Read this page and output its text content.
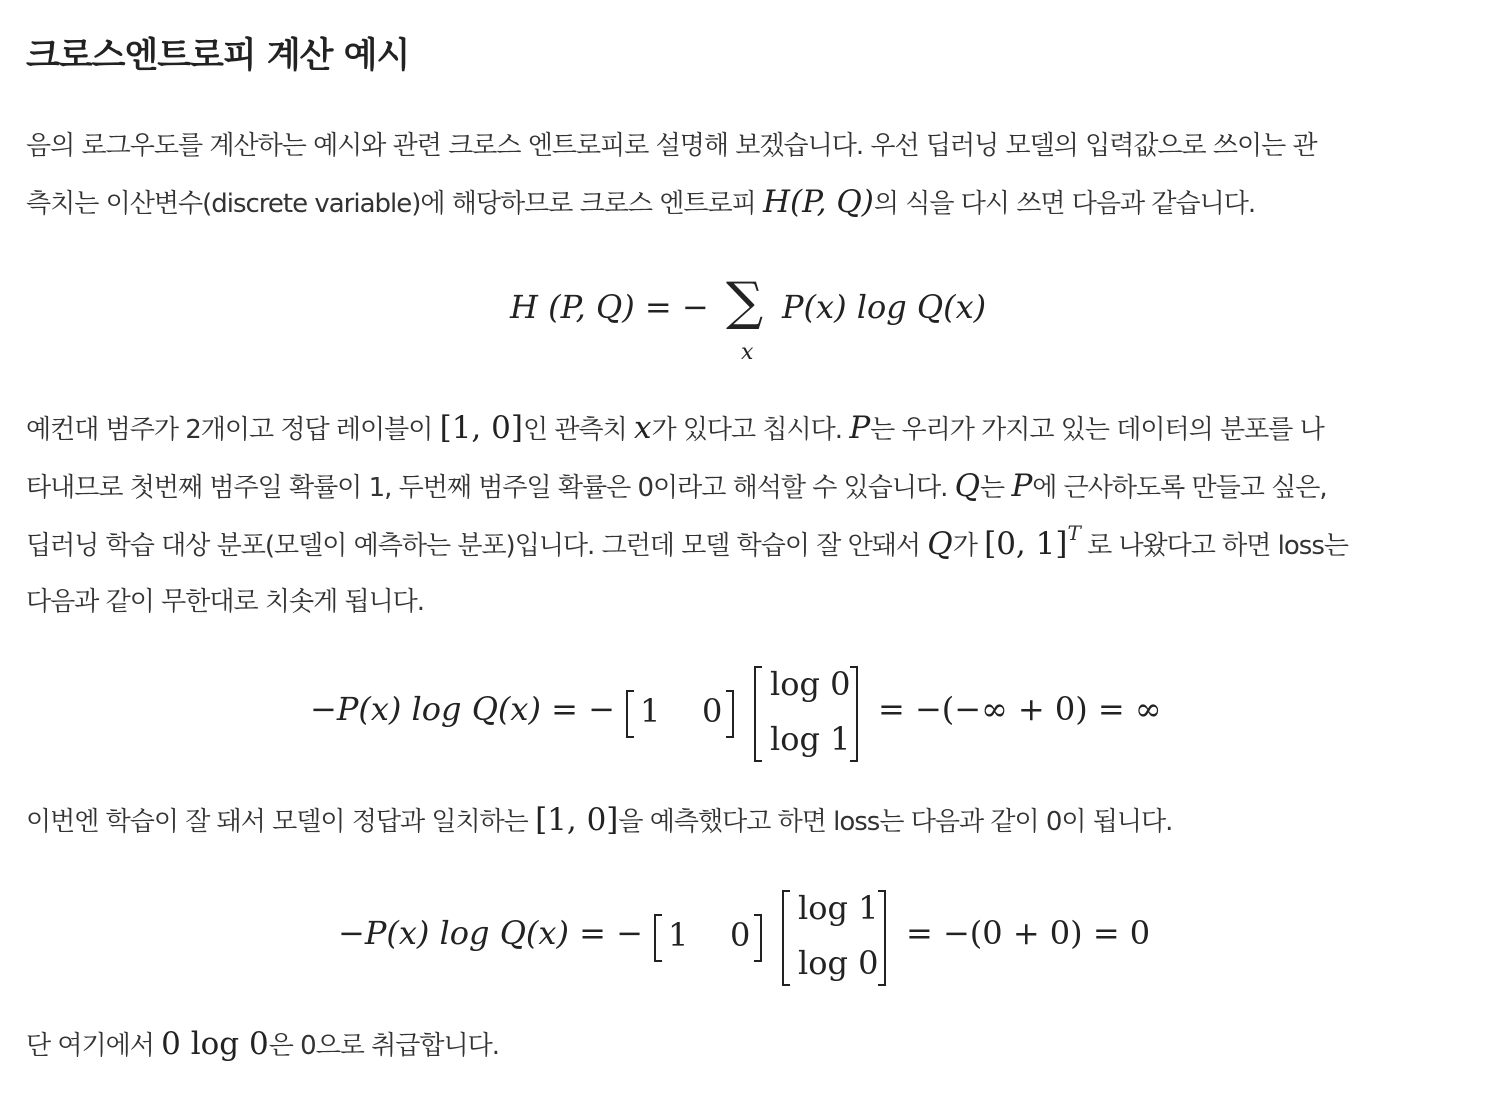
크로스엔트로피 계산 예시
음의 로그우도를 계산하는 예시와 관련 크로스 엔트로피로 설명해 보겠습니다. 우선 딥러닝 모델의 입력값으로 쓰이는 관
측치는 이산변수(discrete variable)에 해당하므로 크로스 엔트로피 H(P, Q)의 식을 다시 쓰면 다음과 같습니다.
H (P, Q) = − ∑
x
P(x) log Q(x)
예컨대 범주가 2개이고 정답 레이블이 [1, 0]인 관측치 x가 있다고 칩시다. P는 우리가 가지고 있는 데이터의 분포를 나
타내므로 첫번째 범주일 확률이 1, 두번째 범주일 확률은 0이라고 해석할 수 있습니다. Q는 P에 근사하도록 만들고 싶은,
딥러닝 학습 대상 분포(모델이 예측하는 분포)입니다. 그런데 모델 학습이 잘 안돼서 Q가 [0, 1]$^T$ 로 나왔다고 하면 loss는
다음과 같이 무한대로 치솟게 됩니다.
−P(x) log Q(x) = − 1 0
log 0
log 1
= −(−∞ + 0) = ∞
이번엔 학습이 잘 돼서 모델이 정답과 일치하는 [1, 0]을 예측했다고 하면 loss는 다음과 같이 0이 됩니다.
−P(x) log Q(x) = − 1 0
log 1
log 0
= −(0 + 0) = 0
단 여기에서 0 log 0은 0으로 취급합니다.
